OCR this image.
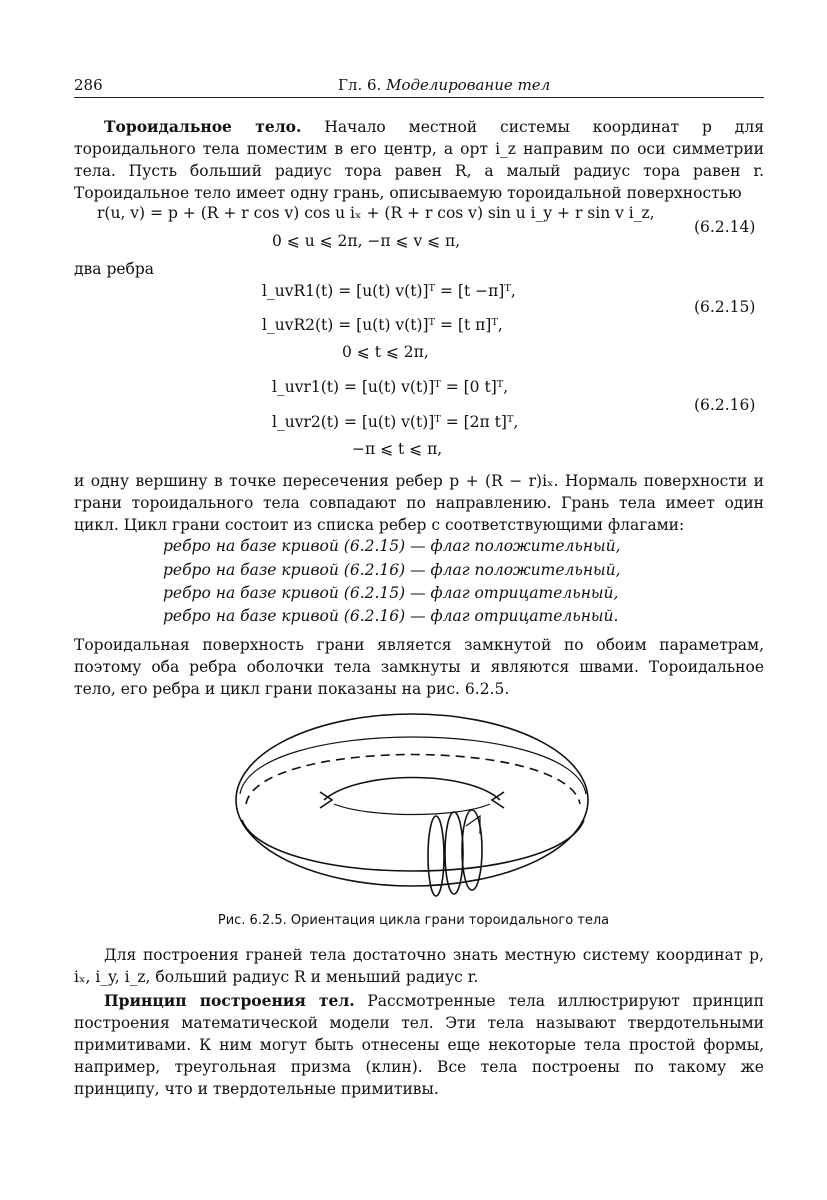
286	Гл. 6. Моделирование тел
Тороидальное тело. Начало местной системы координат p для тороидального тела поместим в его центр, а орт i_z направим по оси симметрии тела. Пусть больший радиус тора равен R, а малый радиус тора равен r. Тороидальное тело имеет одну грань, описываемую тороидальной поверхностью
r(u, v) = p + (R + r cos v) cos u iₓ + (R + r cos v) sin u i_y + r sin v i_z,
0 ⩽ u ⩽ 2π, −π ⩽ v ⩽ π,
(6.2.14)
два ребра
l_uvR1(t) = [u(t) v(t)]ᵀ = [t −π]ᵀ,
l_uvR2(t) = [u(t) v(t)]ᵀ = [t π]ᵀ,
0 ⩽ t ⩽ 2π,
(6.2.15)
l_uvr1(t) = [u(t) v(t)]ᵀ = [0 t]ᵀ,
l_uvr2(t) = [u(t) v(t)]ᵀ = [2π t]ᵀ,
−π ⩽ t ⩽ π,
(6.2.16)
и одну вершину в точке пересечения ребер p + (R − r)iₓ. Нормаль поверхности и грани тороидального тела совпадают по направлению. Грань тела имеет один цикл. Цикл грани состоит из списка ребер с соответствующими флагами:
ребро на базе кривой (6.2.15) — флаг положительный,
ребро на базе кривой (6.2.16) — флаг положительный,
ребро на базе кривой (6.2.15) — флаг отрицательный,
ребро на базе кривой (6.2.16) — флаг отрицательный.
Тороидальная поверхность грани является замкнутой по обоим параметрам, поэтому оба ребра оболочки тела замкнуты и являются швами. Тороидальное тело, его ребра и цикл грани показаны на рис. 6.2.5.
Рис. 6.2.5. Ориентация цикла грани тороидального тела
Для построения граней тела достаточно знать местную систему координат p, iₓ, i_y, i_z, больший радиус R и меньший радиус r.
Принцип построения тел. Рассмотренные тела иллюстрируют принцип построения математической модели тел. Эти тела называют твердотельными примитивами. К ним могут быть отнесены еще некоторые тела простой формы, например, треугольная призма (клин). Все тела построены по такому же принципу, что и твердотельные примитивы.
